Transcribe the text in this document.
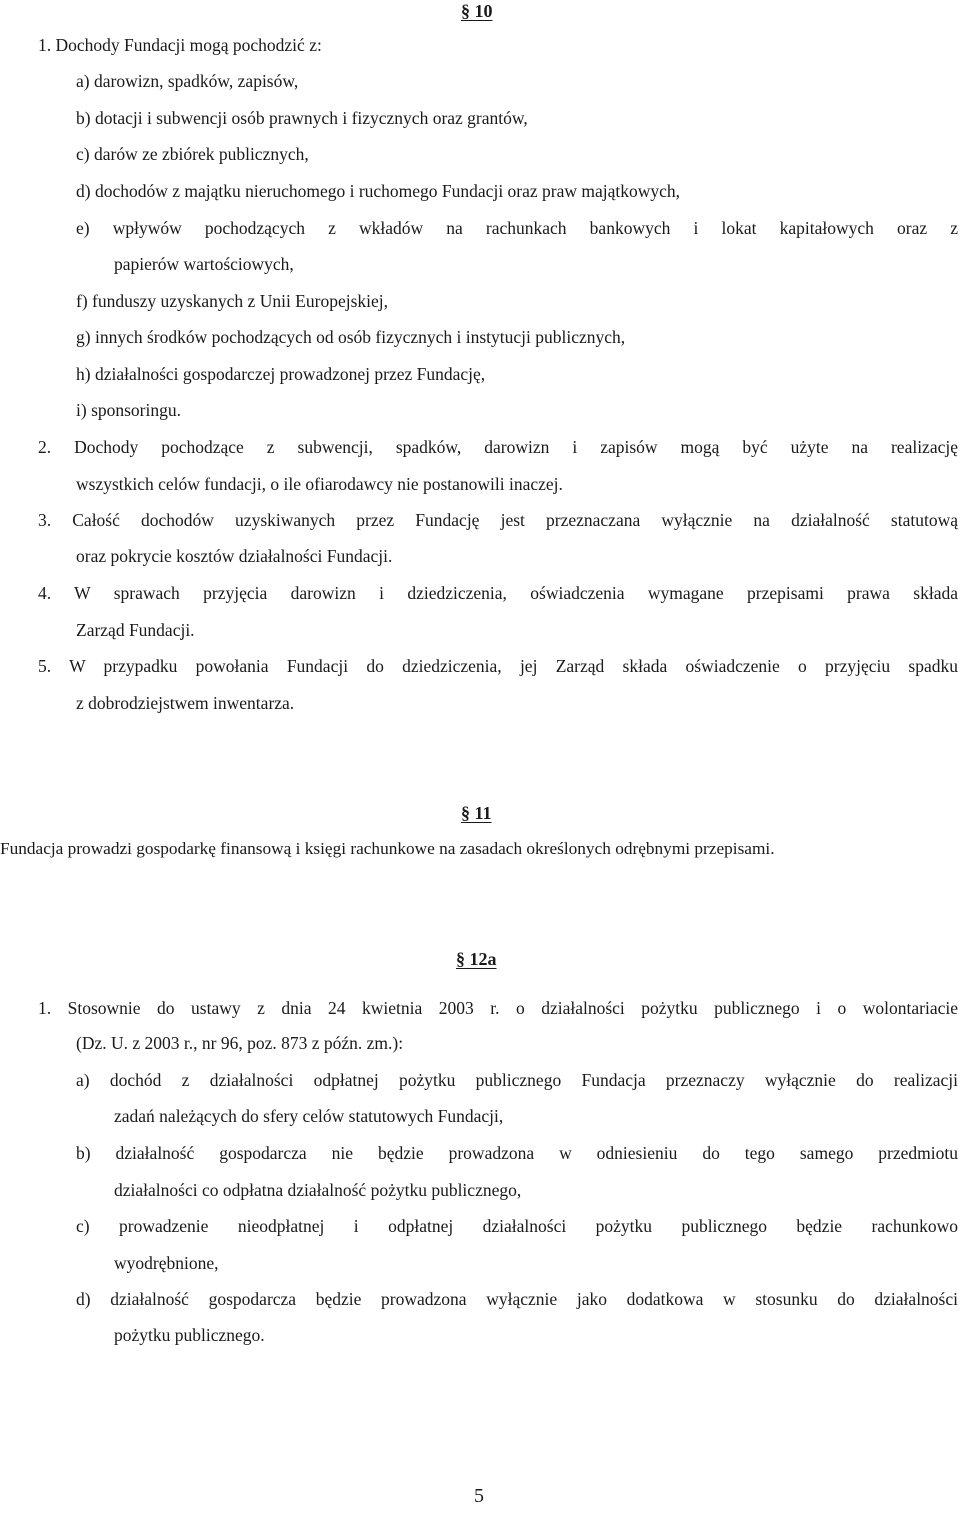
§ 10
1. Dochody Fundacji mogą pochodzić z:
a) darowizn, spadków, zapisów,
b) dotacji i subwencji osób prawnych i fizycznych oraz grantów,
c) darów ze zbiórek publicznych,
d) dochodów z majątku nieruchomego i ruchomego Fundacji oraz praw majątkowych,
e) wpływów pochodzących z wkładów na rachunkach bankowych i lokat kapitałowych oraz z
papierów wartościowych,
f) funduszy uzyskanych z Unii Europejskiej,
g) innych środków pochodzących od osób fizycznych i instytucji publicznych,
h) działalności gospodarczej prowadzonej przez Fundację,
i) sponsoringu.
2. Dochody pochodzące z subwencji, spadków, darowizn i zapisów mogą być użyte na realizację
wszystkich celów fundacji, o ile ofiarodawcy nie postanowili inaczej.
3. Całość dochodów uzyskiwanych przez Fundację jest przeznaczana wyłącznie na działalność statutową
oraz pokrycie kosztów działalności Fundacji.
4. W sprawach przyjęcia darowizn i dziedziczenia, oświadczenia wymagane przepisami prawa składa
Zarząd Fundacji.
5. W przypadku powołania Fundacji do dziedziczenia, jej Zarząd składa oświadczenie o przyjęciu spadku
z dobrodziejstwem inwentarza.
§ 11
Fundacja prowadzi gospodarkę finansową i księgi rachunkowe na zasadach określonych odrębnymi przepisami.
§ 12a
1. Stosownie do ustawy z dnia 24 kwietnia 2003 r. o działalności pożytku publicznego i o wolontariacie
(Dz. U. z 2003 r., nr 96, poz. 873 z późn. zm.):
a) dochód z działalności odpłatnej pożytku publicznego Fundacja przeznaczy wyłącznie do realizacji
zadań należących do sfery celów statutowych Fundacji,
b) działalność gospodarcza nie będzie prowadzona w odniesieniu do tego samego przedmiotu
działalności co odpłatna działalność pożytku publicznego,
c) prowadzenie nieodpłatnej i odpłatnej działalności pożytku publicznego będzie rachunkowo
wyodrębnione,
d) działalność gospodarcza będzie prowadzona wyłącznie jako dodatkowa w stosunku do działalności
pożytku publicznego.
5
